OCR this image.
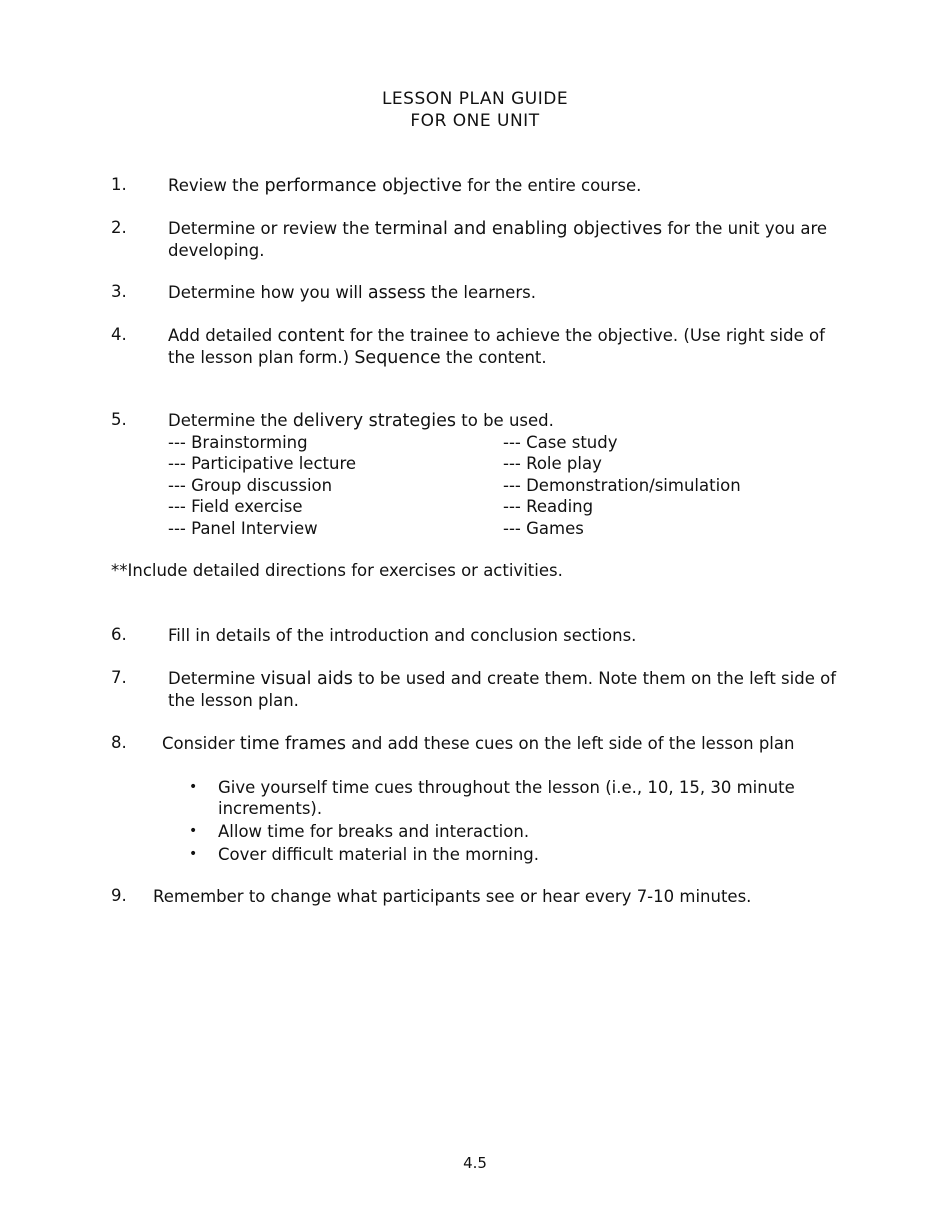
LESSON PLAN GUIDE
FOR ONE UNIT
1.	Review the performance objective for the entire course.
2.	Determine or review the terminal and enabling objectives for the unit you are developing.
3.	Determine how you will assess the learners.
4.	Add detailed content for the trainee to achieve the objective. (Use right side of the lesson plan form.) Sequence the content.
5.	Determine the delivery strategies to be used.
--- Brainstorming
--- Participative lecture
--- Group discussion
--- Field exercise
--- Panel Interview
--- Case study
--- Role play
--- Demonstration/simulation
--- Reading
--- Games
**Include detailed directions for exercises or activities.
6.	Fill in details of the introduction and conclusion sections.
7.	Determine visual aids to be used and create them. Note them on the left side of the lesson plan.
8. Consider time frames and add these cues on the left side of the lesson plan
• Give yourself time cues throughout the lesson (i.e., 10, 15, 30 minute increments).
• Allow time for breaks and interaction.
• Cover difficult material in the morning.
9. Remember to change what participants see or hear every 7-10 minutes.
4.5
